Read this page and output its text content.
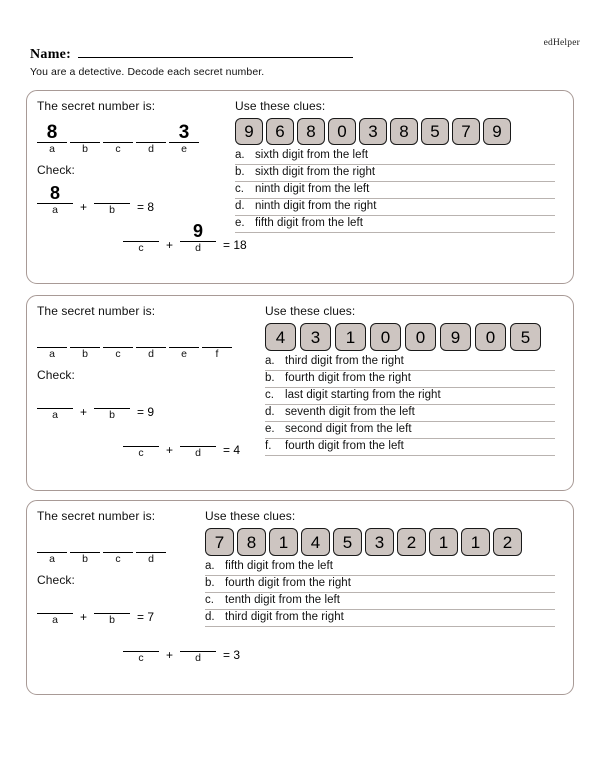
edHelper
Name:
You are a detective. Decode each secret number.
The secret number is:
8
a	b	c	d
3
e
Check:
8
a + b = 8
c +
9
d = 18
Use these clues:
9	6	8	0	3	8	5	7	9
a. sixth digit from the left
b. sixth digit from the right
c. ninth digit from the left
d. ninth digit from the right
e. fifth digit from the left
The secret number is:
a	b	c	d	e	f
Check:
a + b = 9
c + d = 4
Use these clues:
4	3	1	0	0	9	0	5
a. third digit from the right
b. fourth digit from the right
c. last digit starting from the right
d. seventh digit from the left
e. second digit from the left
f.	fourth digit from the left
The secret number is:
a	b	c	d
Check:
a + b = 7
c + d = 3
Use these clues:
7	8	1	4	5	3	2	1	1	2
a. fifth digit from the left
b. fourth digit from the right
c. tenth digit from the left
d. third digit from the right
